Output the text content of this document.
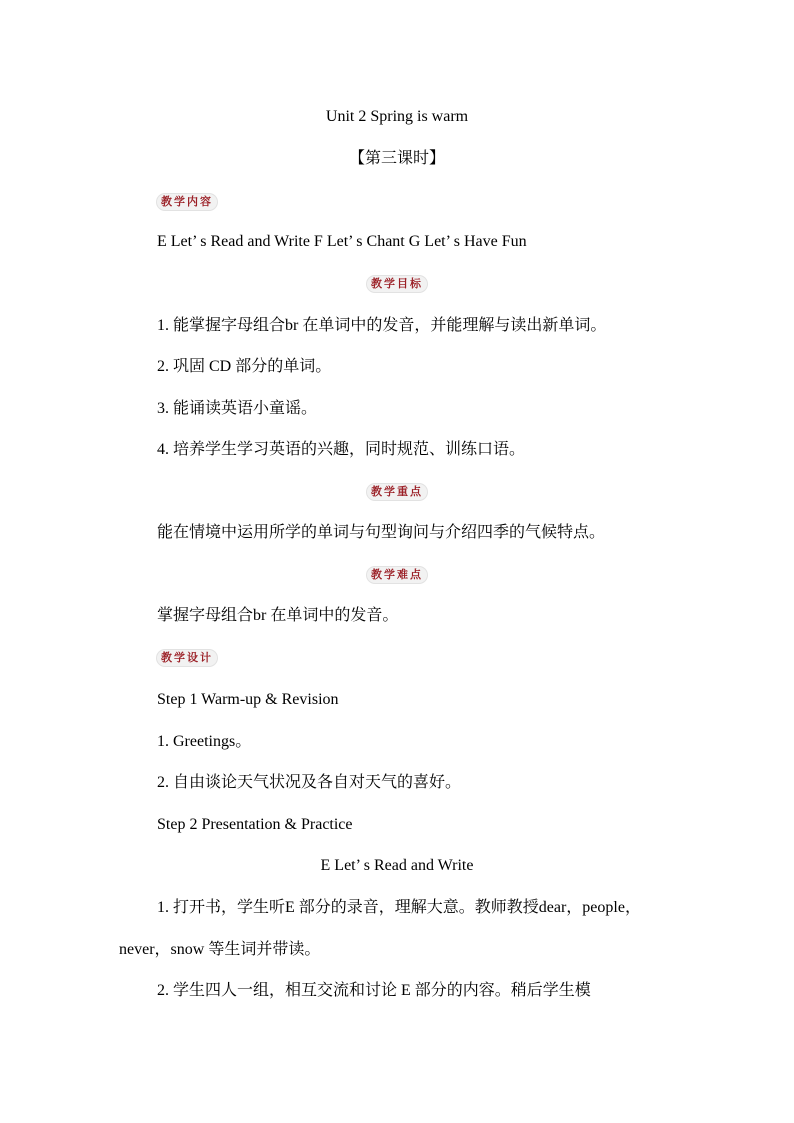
Unit 2 Spring is warm
【第三课时】
教学内容
E Let’ s Read and Write F Let’ s Chant G Let’ s Have Fun
教学目标
1. 能掌握字母组合br 在单词中的发音，并能理解与读出新单词。
2. 巩固 CD 部分的单词。
3. 能诵读英语小童谣。
4. 培养学生学习英语的兴趣，同时规范、训练口语。
教学重点
能在情境中运用所学的单词与句型询问与介绍四季的气候特点。
教学难点
掌握字母组合br 在单词中的发音。
教学设计
Step 1 Warm-up & Revision
1. Greetings。
2. 自由谈论天气状况及各自对天气的喜好。
Step 2 Presentation & Practice
E Let’ s Read and Write
1. 打开书，学生听E 部分的录音，理解大意。教师教授dear，people，
never，snow 等生词并带读。
2. 学生四人一组，相互交流和讨论 E 部分的内容。稍后学生模
